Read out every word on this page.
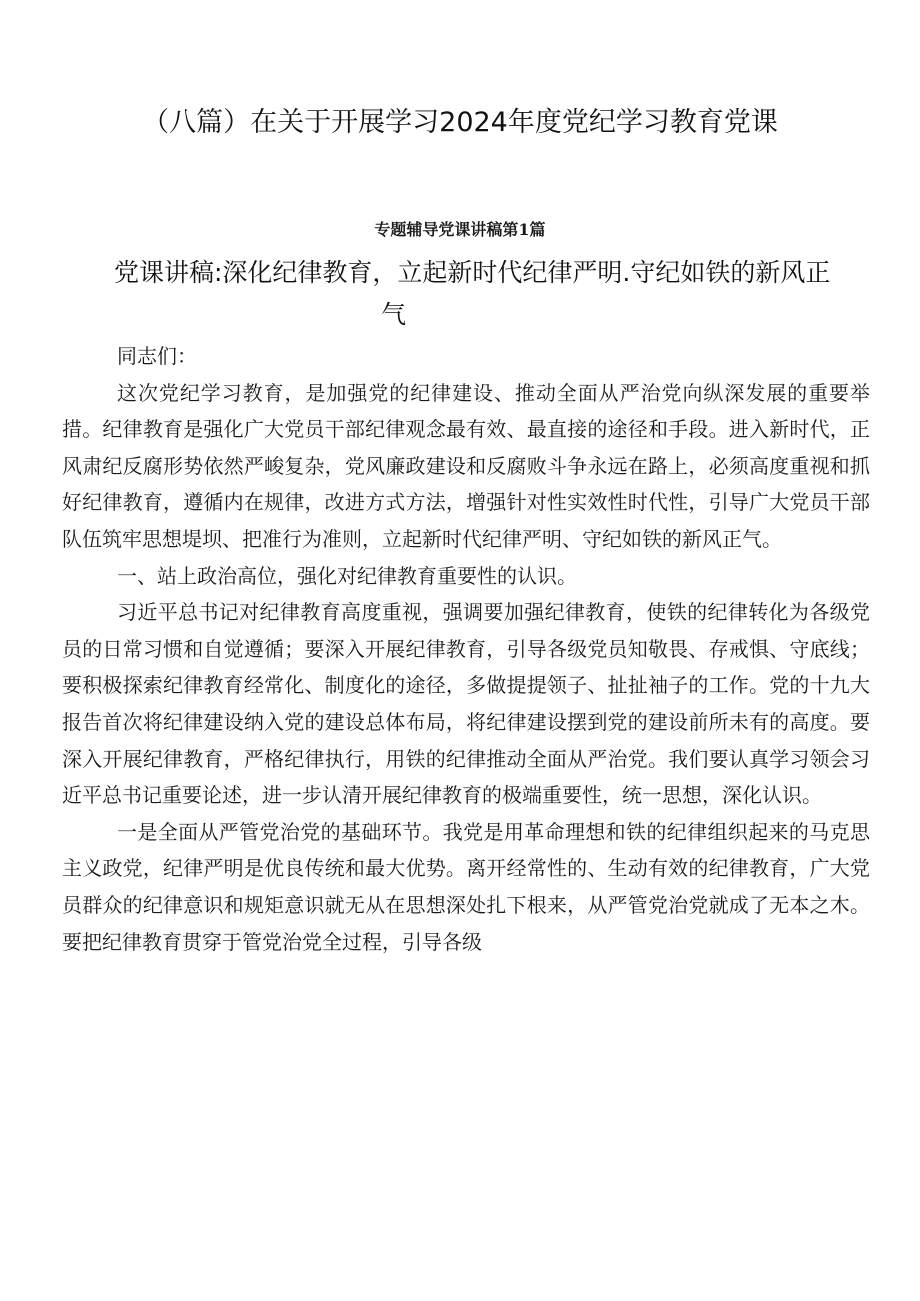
（八篇）在关于开展学习2024年度党纪学习教育党课
专题辅导党课讲稿第1篇
党课讲稿:深化纪律教育，立起新时代纪律严明.守纪如铁的新风正
气

同志们：

这次党纪学习教育，是加强党的纪律建设、推动全面从严治党向纵深发展的重要举措。纪律教育是强化广大党员干部纪律观念最有效、最直接的途径和手段。进入新时代，正风肃纪反腐形势依然严峻复杂，党风廉政建设和反腐败斗争永远在路上，必须高度重视和抓好纪律教育，遵循内在规律，改进方式方法，增强针对性实效性时代性，引导广大党员干部队伍筑牢思想堤坝、把准行为准则，立起新时代纪律严明、守纪如铁的新风正气。

一、站上政治高位，强化对纪律教育重要性的认识。

习近平总书记对纪律教育高度重视，强调要加强纪律教育，使铁的纪律转化为各级党员的日常习惯和自觉遵循；要深入开展纪律教育，引导各级党员知敬畏、存戒惧、守底线；要积极探索纪律教育经常化、制度化的途径，多做提提领子、扯扯袖子的工作。党的十九大报告首次将纪律建设纳入党的建设总体布局，将纪律建设摆到党的建设前所未有的高度。要深入开展纪律教育，严格纪律执行，用铁的纪律推动全面从严治党。我们要认真学习领会习近平总书记重要论述，进一步认清开展纪律教育的极端重要性，统一思想，深化认识。

一是全面从严管党治党的基础环节。我党是用革命理想和铁的纪律组织起来的马克思主义政党，纪律严明是优良传统和最大优势。离开经常性的、生动有效的纪律教育，广大党员群众的纪律意识和规矩意识就无从在思想深处扎下根来，从严管党治党就成了无本之木。要把纪律教育贯穿于管党治党全过程，引导各级
